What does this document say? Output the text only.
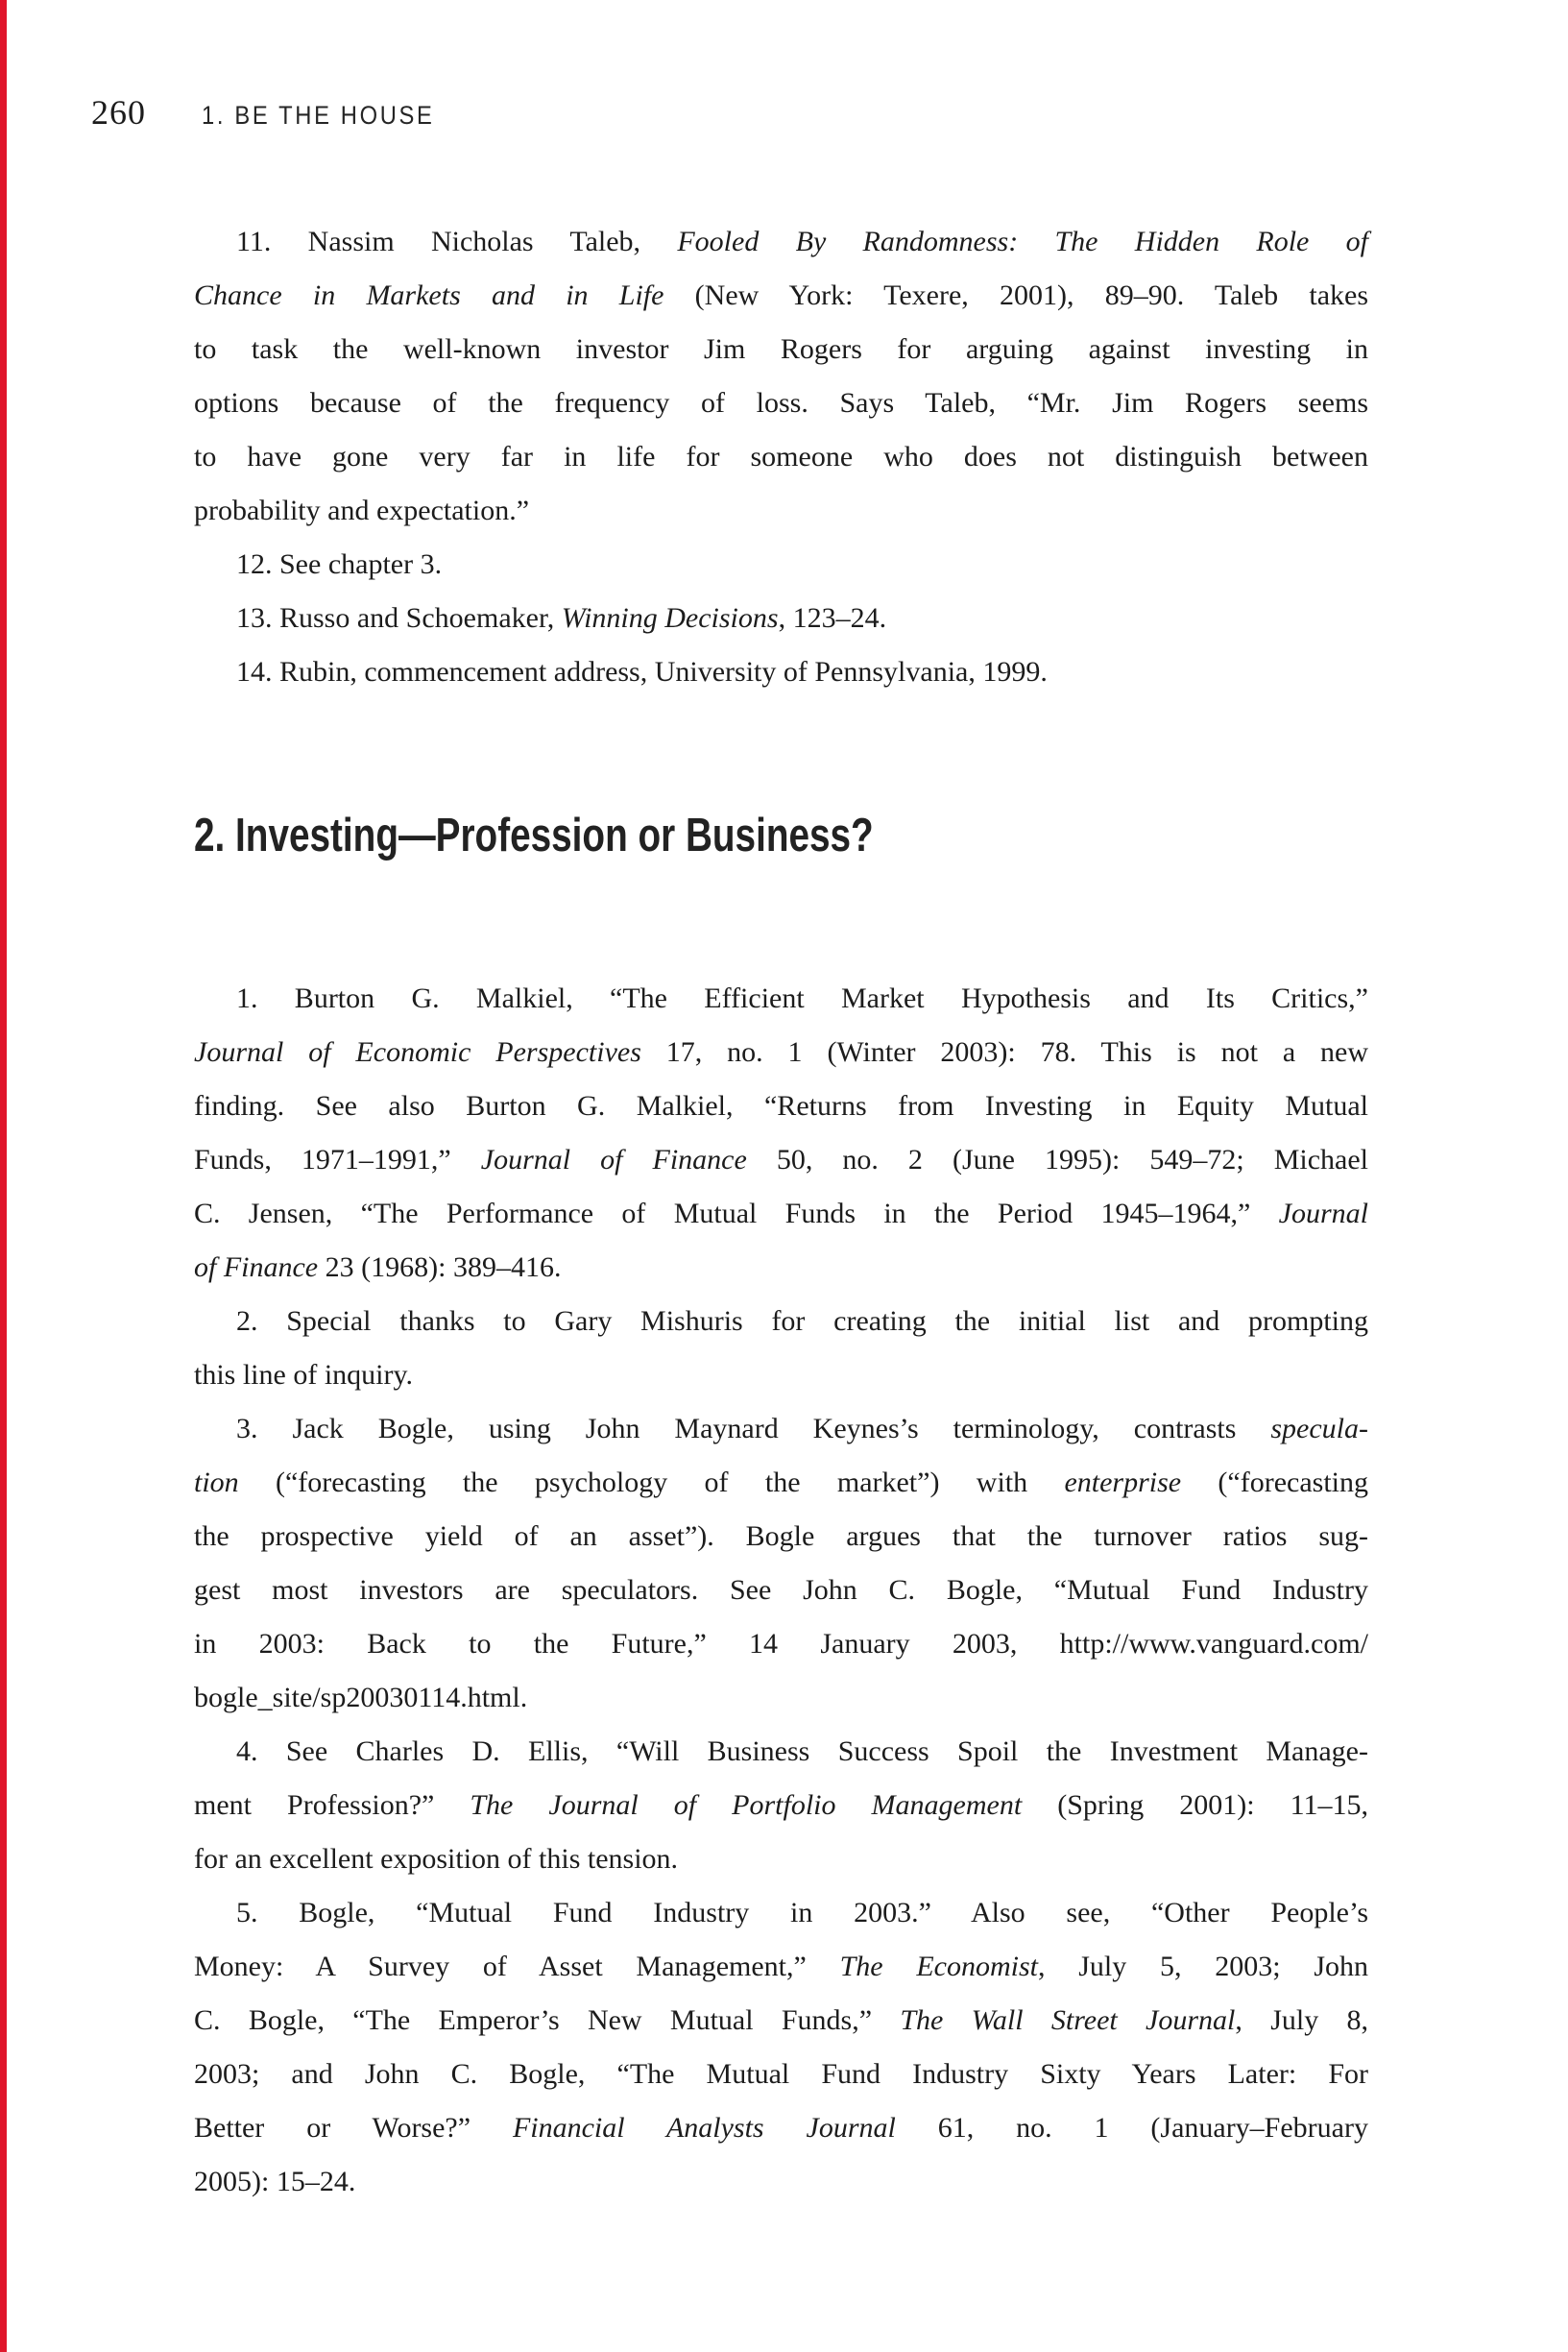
260 1. BE THE HOUSE
11. Nassim Nicholas Taleb, Fooled By Randomness: The Hidden Role of
Chance in Markets and in Life (New York: Texere, 2001), 89–90. Taleb takes
to task the well-known investor Jim Rogers for arguing against investing in
options because of the frequency of loss. Says Taleb, “Mr. Jim Rogers seems
to have gone very far in life for someone who does not distinguish between
probability and expectation.”
12. See chapter 3.
13. Russo and Schoemaker, Winning Decisions, 123–24.
14. Rubin, commencement address, University of Pennsylvania, 1999.
2. Investing—Profession or Business?
1. Burton G. Malkiel, “The Efficient Market Hypothesis and Its Critics,”
Journal of Economic Perspectives 17, no. 1 (Winter 2003): 78. This is not a new
finding. See also Burton G. Malkiel, “Returns from Investing in Equity Mutual
Funds, 1971–1991,” Journal of Finance 50, no. 2 (June 1995): 549–72; Michael
C. Jensen, “The Performance of Mutual Funds in the Period 1945–1964,” Journal
of Finance 23 (1968): 389–416.
2. Special thanks to Gary Mishuris for creating the initial list and prompting
this line of inquiry.
3. Jack Bogle, using John Maynard Keynes’s terminology, contrasts specula-
tion (“forecasting the psychology of the market”) with enterprise (“forecasting
the prospective yield of an asset”). Bogle argues that the turnover ratios sug-
gest most investors are speculators. See John C. Bogle, “Mutual Fund Industry
in 2003: Back to the Future,” 14 January 2003, http://www.vanguard.com/
bogle_site/sp20030114.html.
4. See Charles D. Ellis, “Will Business Success Spoil the Investment Manage-
ment Profession?” The Journal of Portfolio Management (Spring 2001): 11–15,
for an excellent exposition of this tension.
5. Bogle, “Mutual Fund Industry in 2003.” Also see, “Other People’s
Money: A Survey of Asset Management,” The Economist, July 5, 2003; John
C. Bogle, “The Emperor’s New Mutual Funds,” The Wall Street Journal, July 8,
2003; and John C. Bogle, “The Mutual Fund Industry Sixty Years Later: For
Better or Worse?” Financial Analysts Journal 61, no. 1 (January–February
2005): 15–24.
